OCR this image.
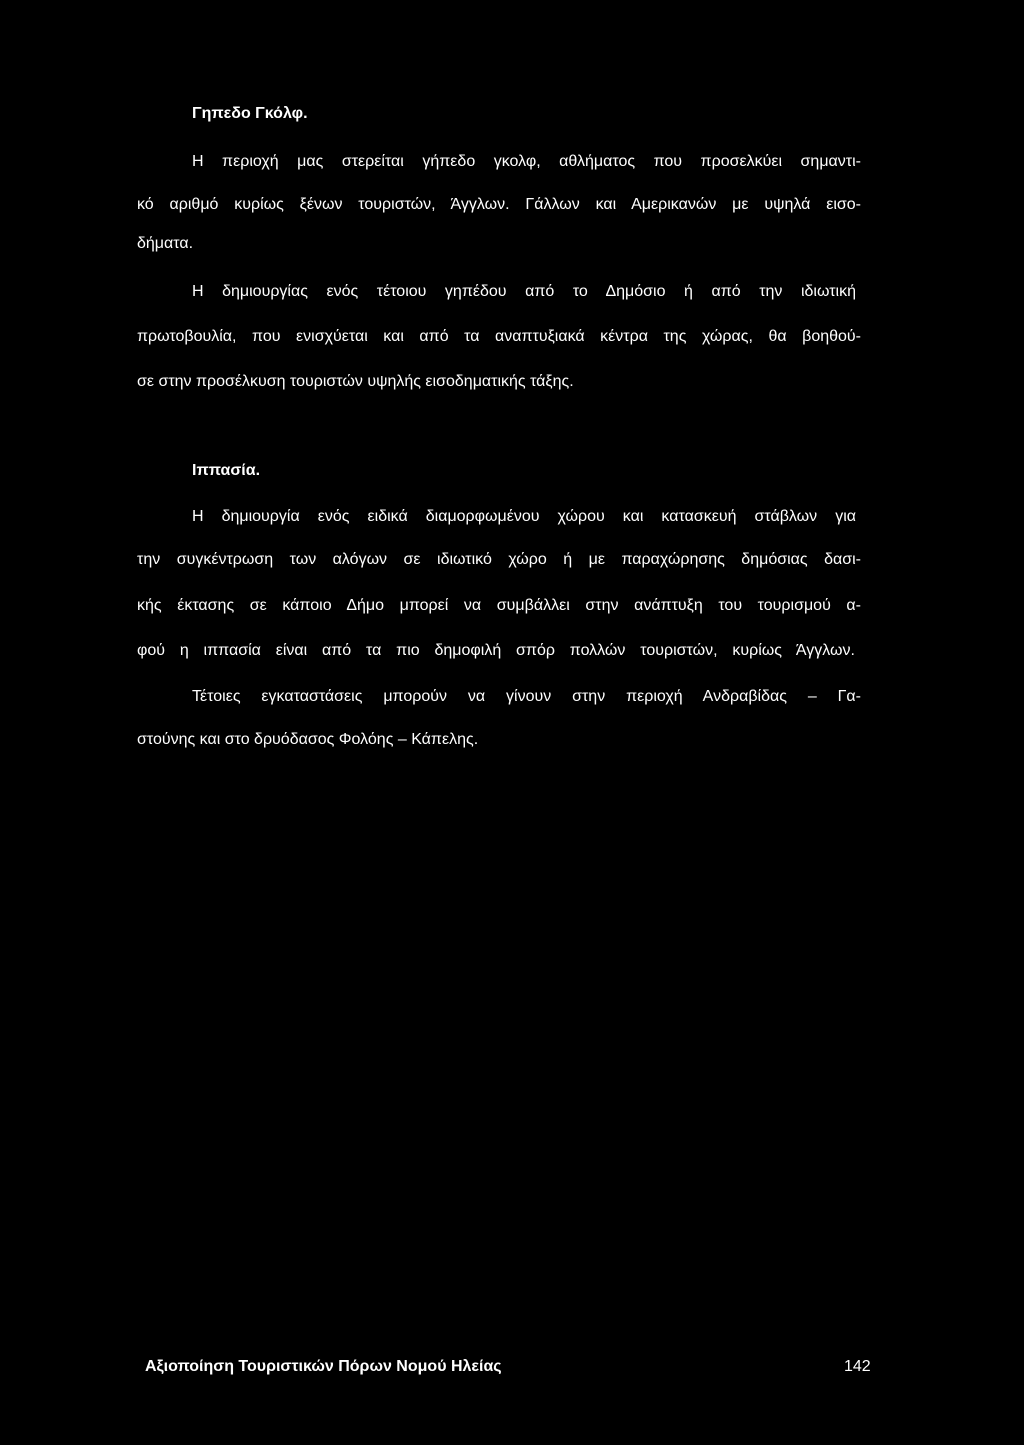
Γηπεδο Γκόλφ.
Η περιοχή μας στερείται γήπεδο γκολφ, αθλήματος που προσελκύει σημαντι-
κό αριθμό κυρίως ξένων τουριστών, Άγγλων. Γάλλων και Αμερικανών με υψηλά εισο-
δήματα.
Η δημιουργίας ενός τέτοιου γηπέδου από το Δημόσιο ή από την ιδιωτική
πρωτοβουλία, που ενισχύεται και από τα αναπτυξιακά κέντρα της χώρας, θα βοηθού-
σε στην προσέλκυση τουριστών υψηλής εισοδηματικής τάξης.
Ιππασία.
Η δημιουργία ενός ειδικά διαμορφωμένου χώρου και κατασκευή στάβλων για
την συγκέντρωση των αλόγων σε ιδιωτικό χώρο ή με παραχώρησης δημόσιας δασι-
κής έκτασης σε κάποιο Δήμο μπορεί να συμβάλλει στην ανάπτυξη του τουρισμού α-
φού η ιππασία είναι από τα πιο δημοφιλή σπόρ πολλών τουριστών, κυρίως Άγγλων.
Τέτοιες εγκαταστάσεις μπορούν να γίνουν στην περιοχή Ανδραβίδας – Γα-
στούνης και στο δρυόδασος Φολόης – Κάπελης.
Αξιοποίηση Τουριστικών Πόρων Νομού Ηλείας	142
